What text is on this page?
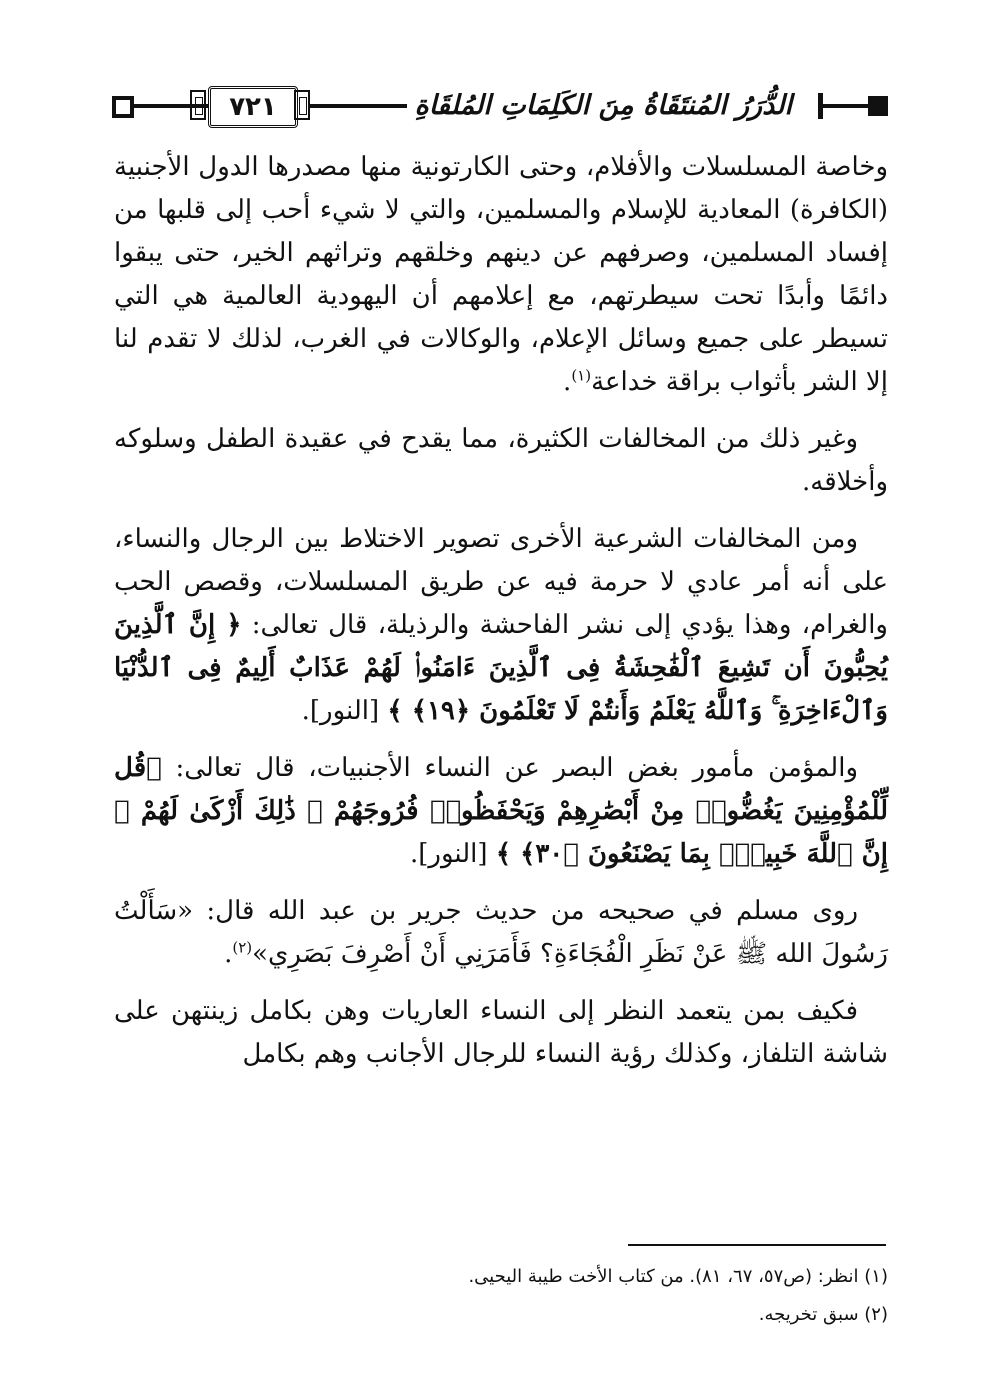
٧٢١	الدُّرَرُ المُنتَقَاةُ مِنَ الكَلِمَاتِ المُلقَاةِ

وخاصة المسلسلات والأفلام، وحتى الكارتونية منها مصدرها الدول الأجنبية (الكافرة) المعادية للإسلام والمسلمين، والتي لا شيء أحب إلى قلبها من إفساد المسلمين، وصرفهم عن دينهم وخلقهم وتراثهم الخير، حتى يبقوا دائمًا وأبدًا تحت سيطرتهم، مع إعلامهم أن اليهودية العالمية هي التي تسيطر على جميع وسائل الإعلام، والوكالات في الغرب، لذلك لا تقدم لنا إلا الشر بأثواب براقة خداعة$^{(١)}$.

وغير ذلك من المخالفات الكثيرة، مما يقدح في عقيدة الطفل وسلوكه وأخلاقه.

ومن المخالفات الشرعية الأخرى تصوير الاختلاط بين الرجال والنساء، على أنه أمر عادي لا حرمة فيه عن طريق المسلسلات، وقصص الحب والغرام، وهذا يؤدي إلى نشر الفاحشة والرذيلة، قال تعالى: ﴿ إِنَّ ٱلَّذِينَ يُحِبُّونَ أَن تَشِيعَ ٱلْفَٰحِشَةُ فِى ٱلَّذِينَ ءَامَنُوا۟ لَهُمْ عَذَابٌ أَلِيمٌ فِى ٱلدُّنْيَا وَٱلْءَاخِرَةِ ۚ وَٱللَّهُ يَعْلَمُ وَأَنتُمْ لَا تَعْلَمُونَ ﴿١٩﴾ ﴾ [النور].

والمؤمن مأمور بغض البصر عن النساء الأجنبيات، قال تعالى: ﴿قُل لِّلْمُؤْمِنِينَ يَغُضُّوا۟ مِنْ أَبْصَٰرِهِمْ وَيَحْفَظُوا۟ فُرُوجَهُمْ ۚ ذَٰلِكَ أَزْكَىٰ لَهُمْ ۗ إِنَّ ٱللَّهَ خَبِيرٌۢ بِمَا يَصْنَعُونَ ﴿٣٠﴾ ﴾ [النور].

روى مسلم في صحيحه من حديث جرير بن عبد الله قال: «سَأَلْتُ رَسُولَ الله ﷺ عَنْ نَظَرِ الْفُجَاءَةِ؟ فَأَمَرَنِي أَنْ أَصْرِفَ بَصَرِي»$^{(٢)}$.

فكيف بمن يتعمد النظر إلى النساء العاريات وهن بكامل زينتهن على شاشة التلفاز، وكذلك رؤية النساء للرجال الأجانب وهم بكامل

(١) انظر: (ص٥٧، ٦٧، ٨١). من كتاب الأخت طيبة اليحيى.

(٢) سبق تخريجه.
